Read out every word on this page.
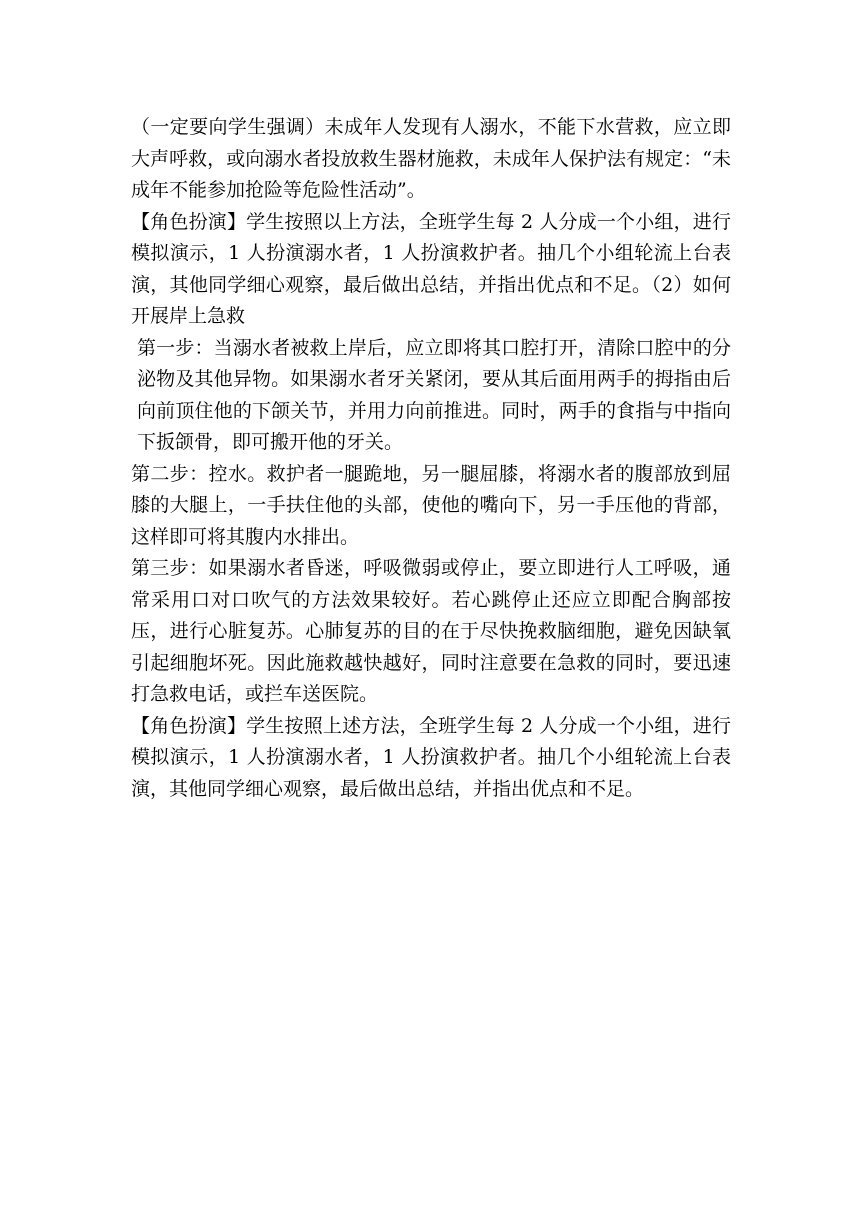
（一定要向学生强调）未成年人发现有人溺水，不能下水营救，应立即大声呼救，或向溺水者投放救生器材施救，未成年人保护法有规定：“未成年不能参加抢险等危险性活动”。

【角色扮演】学生按照以上方法，全班学生每 2 人分成一个小组，进行模拟演示，1 人扮演溺水者，1 人扮演救护者。抽几个小组轮流上台表演，其他同学细心观察，最后做出总结，并指出优点和不足。（2）如何开展岸上急救

第一步：当溺水者被救上岸后，应立即将其口腔打开，清除口腔中的分泌物及其他异物。如果溺水者牙关紧闭，要从其后面用两手的拇指由后向前顶住他的下颌关节，并用力向前推进。同时，两手的食指与中指向下扳颌骨，即可搬开他的牙关。

第二步：控水。救护者一腿跪地，另一腿屈膝，将溺水者的腹部放到屈膝的大腿上，一手扶住他的头部，使他的嘴向下，另一手压他的背部，这样即可将其腹内水排出。

第三步：如果溺水者昏迷，呼吸微弱或停止，要立即进行人工呼吸，通常采用口对口吹气的方法效果较好。若心跳停止还应立即配合胸部按压，进行心脏复苏。心肺复苏的目的在于尽快挽救脑细胞，避免因缺氧引起细胞坏死。因此施救越快越好，同时注意要在急救的同时，要迅速打急救电话，或拦车送医院。

【角色扮演】学生按照上述方法，全班学生每 2 人分成一个小组，进行模拟演示，1 人扮演溺水者，1 人扮演救护者。抽几个小组轮流上台表演，其他同学细心观察，最后做出总结，并指出优点和不足。
